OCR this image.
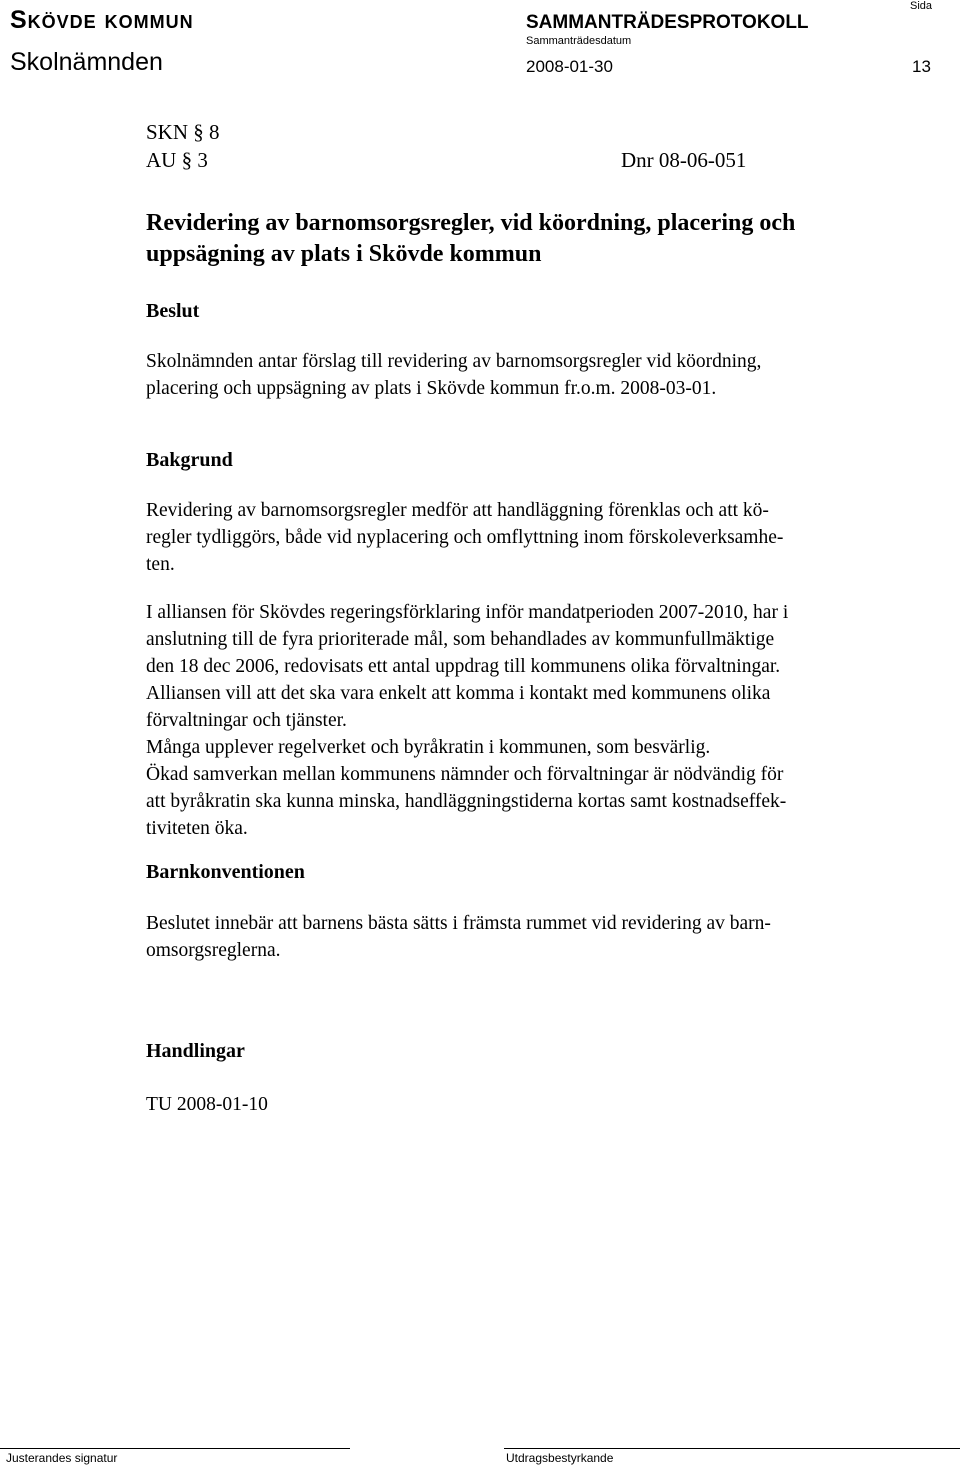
Skövde kommun	SAMMANTRÄDESPROTOKOLL
Sida
Sammanträdesdatum
Skolnämnden	2008-01-30	13
SKN § 8
AU § 3	Dnr 08-06-051
Revidering av barnomsorgsregler, vid köordning, placering och
uppsägning av plats i Skövde kommun
Beslut
Skolnämnden antar förslag till revidering av barnomsorgsregler vid köordning,
placering och uppsägning av plats i Skövde kommun fr.o.m. 2008-03-01.
Bakgrund
Revidering av barnomsorgsregler medför att handläggning förenklas och att kö-
regler tydliggörs, både vid nyplacering och omflyttning inom förskoleverksamhe-
ten.
I alliansen för Skövdes regeringsförklaring inför mandatperioden 2007-2010, har i
anslutning till de fyra prioriterade mål, som behandlades av kommunfullmäktige
den 18 dec 2006, redovisats ett antal uppdrag till kommunens olika förvaltningar.
Alliansen vill att det ska vara enkelt att komma i kontakt med kommunens olika
förvaltningar och tjänster.
Många upplever regelverket och byråkratin i kommunen, som besvärlig.
Ökad samverkan mellan kommunens nämnder och förvaltningar är nödvändig för
att byråkratin ska kunna minska, handläggningstiderna kortas samt kostnadseffek-
tiviteten öka.
Barnkonventionen
Beslutet innebär att barnens bästa sätts i främsta rummet vid revidering av barn-
omsorgsreglerna.
Handlingar
TU 2008-01-10
Justerandes signatur	Utdragsbestyrkande
